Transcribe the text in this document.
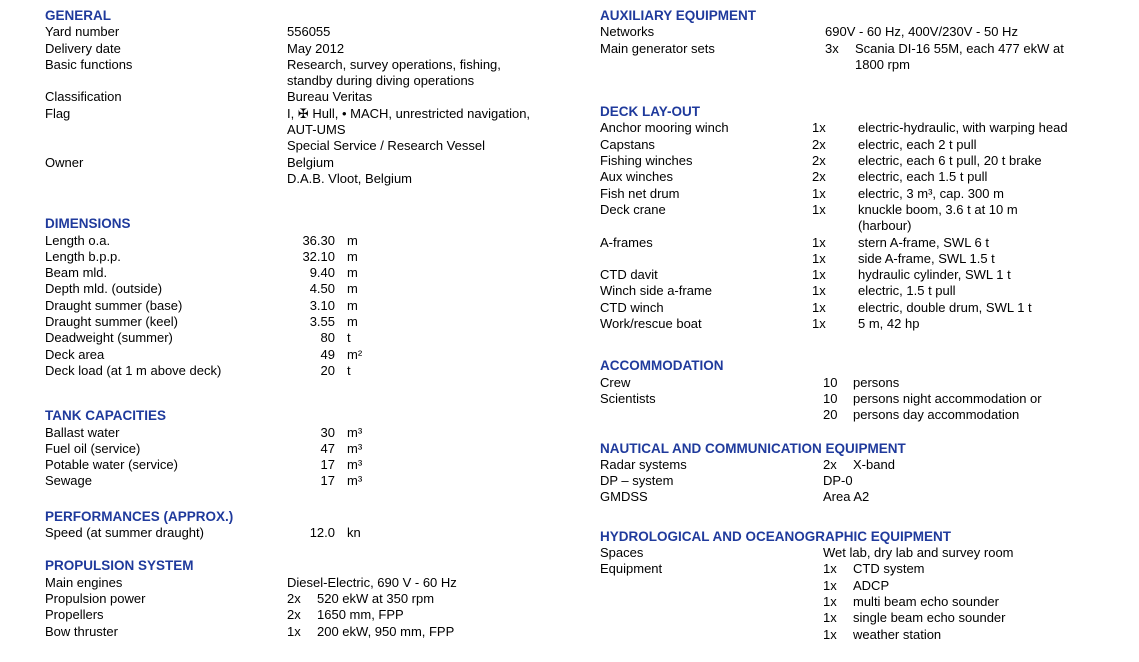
GENERAL
Yard number	556055
Delivery date	May 2012
Basic functions	Research, survey operations, fishing,
standby during diving operations
Classification	Bureau Veritas
Flag	I, ✠ Hull, • MACH, unrestricted navigation,
AUT-UMS
Special Service / Research Vessel
Owner	Belgium
D.A.B. Vloot, Belgium
DIMENSIONS
Length o.a.	36.30 m
Length b.p.p.	32.10 m
Beam mld.	9.40 m
Depth mld. (outside)	4.50 m
Draught summer (base)	3.10 m
Draught summer (keel)	3.55 m
Deadweight (summer)	80 t
Deck area	49 m²
Deck load (at 1 m above deck)	20 t
TANK CAPACITIES
Ballast water	30 m³
Fuel oil (service)	47 m³
Potable water (service)	17 m³
Sewage	17 m³
PERFORMANCES (APPROX.)
Speed (at summer draught)	12.0 kn
PROPULSION SYSTEM
Main engines	Diesel-Electric, 690 V - 60 Hz
Propulsion power	2x 520 ekW at 350 rpm
Propellers	2x 1650 mm, FPP
Bow thruster	1x 200 ekW, 950 mm, FPP
AUXILIARY EQUIPMENT
Networks	690V - 60 Hz, 400V/230V - 50 Hz
Main generator sets	3x Scania DI-16 55M, each 477 ekW at
1800 rpm
DECK LAY-OUT
Anchor mooring winch	1x electric-hydraulic, with warping head
Capstans	2x electric, each 2 t pull
Fishing winches	2x electric, each 6 t pull, 20 t brake
Aux winches	2x electric, each 1.5 t pull
Fish net drum	1x electric, 3 m³, cap. 300 m
Deck crane	1x knuckle boom, 3.6 t at 10 m
(harbour)
A-frames	1x stern A-frame, SWL 6 t
1x side A-frame, SWL 1.5 t
CTD davit	1x hydraulic cylinder, SWL 1 t
Winch side a-frame	1x electric, 1.5 t pull
CTD winch	1x electric, double drum, SWL 1 t
Work/rescue boat	1x 5 m, 42 hp
ACCOMMODATION
Crew	10 persons
Scientists	10 persons night accommodation or
20 persons day accommodation
NAUTICAL AND COMMUNICATION EQUIPMENT
Radar systems	2x X-band
DP – system	DP-0
GMDSS	Area A2
HYDROLOGICAL AND OCEANOGRAPHIC EQUIPMENT
Spaces	Wet lab, dry lab and survey room
Equipment	1x CTD system
1x ADCP
1x multi beam echo sounder
1x single beam echo sounder
1x weather station
